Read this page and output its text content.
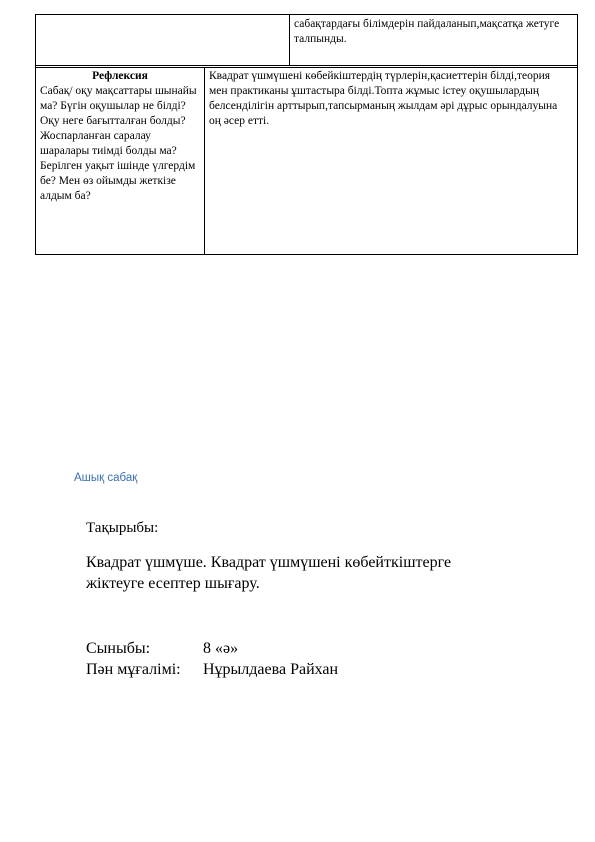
сабақтардағы білімдерін пайдаланып,мақсатқа жетуге талпынды.
Рефлексия
Сабақ/ оқу мақсаттары шынайы ма? Бүгін оқушылар не білді?Оқу неге бағытталған болды? Жоспарланған саралау шаралары тиімді болды ма?Берілген уақыт ішінде үлгердім бе? Мен өз ойымды жеткізе алдым ба?
Квадрат үшмүшені көбейкіштердің түрлерін,қасиеттерін білді,теория мен практиканы ұштастыра білді.Топта жұмыс істеу оқушылардың белсенділігін арттырып,тапсырманың жылдам әрі дұрыс орындалуына оң әсер етті.
Ашық сабақ
Тақырыбы:
Квадрат үшмүше. Квадрат үшмүшені көбейткіштерге
жіктеуге есептер шығару.
Сыныбы:	8 «ә»
Пән мұғалімі: Нұрылдаева Райхан
